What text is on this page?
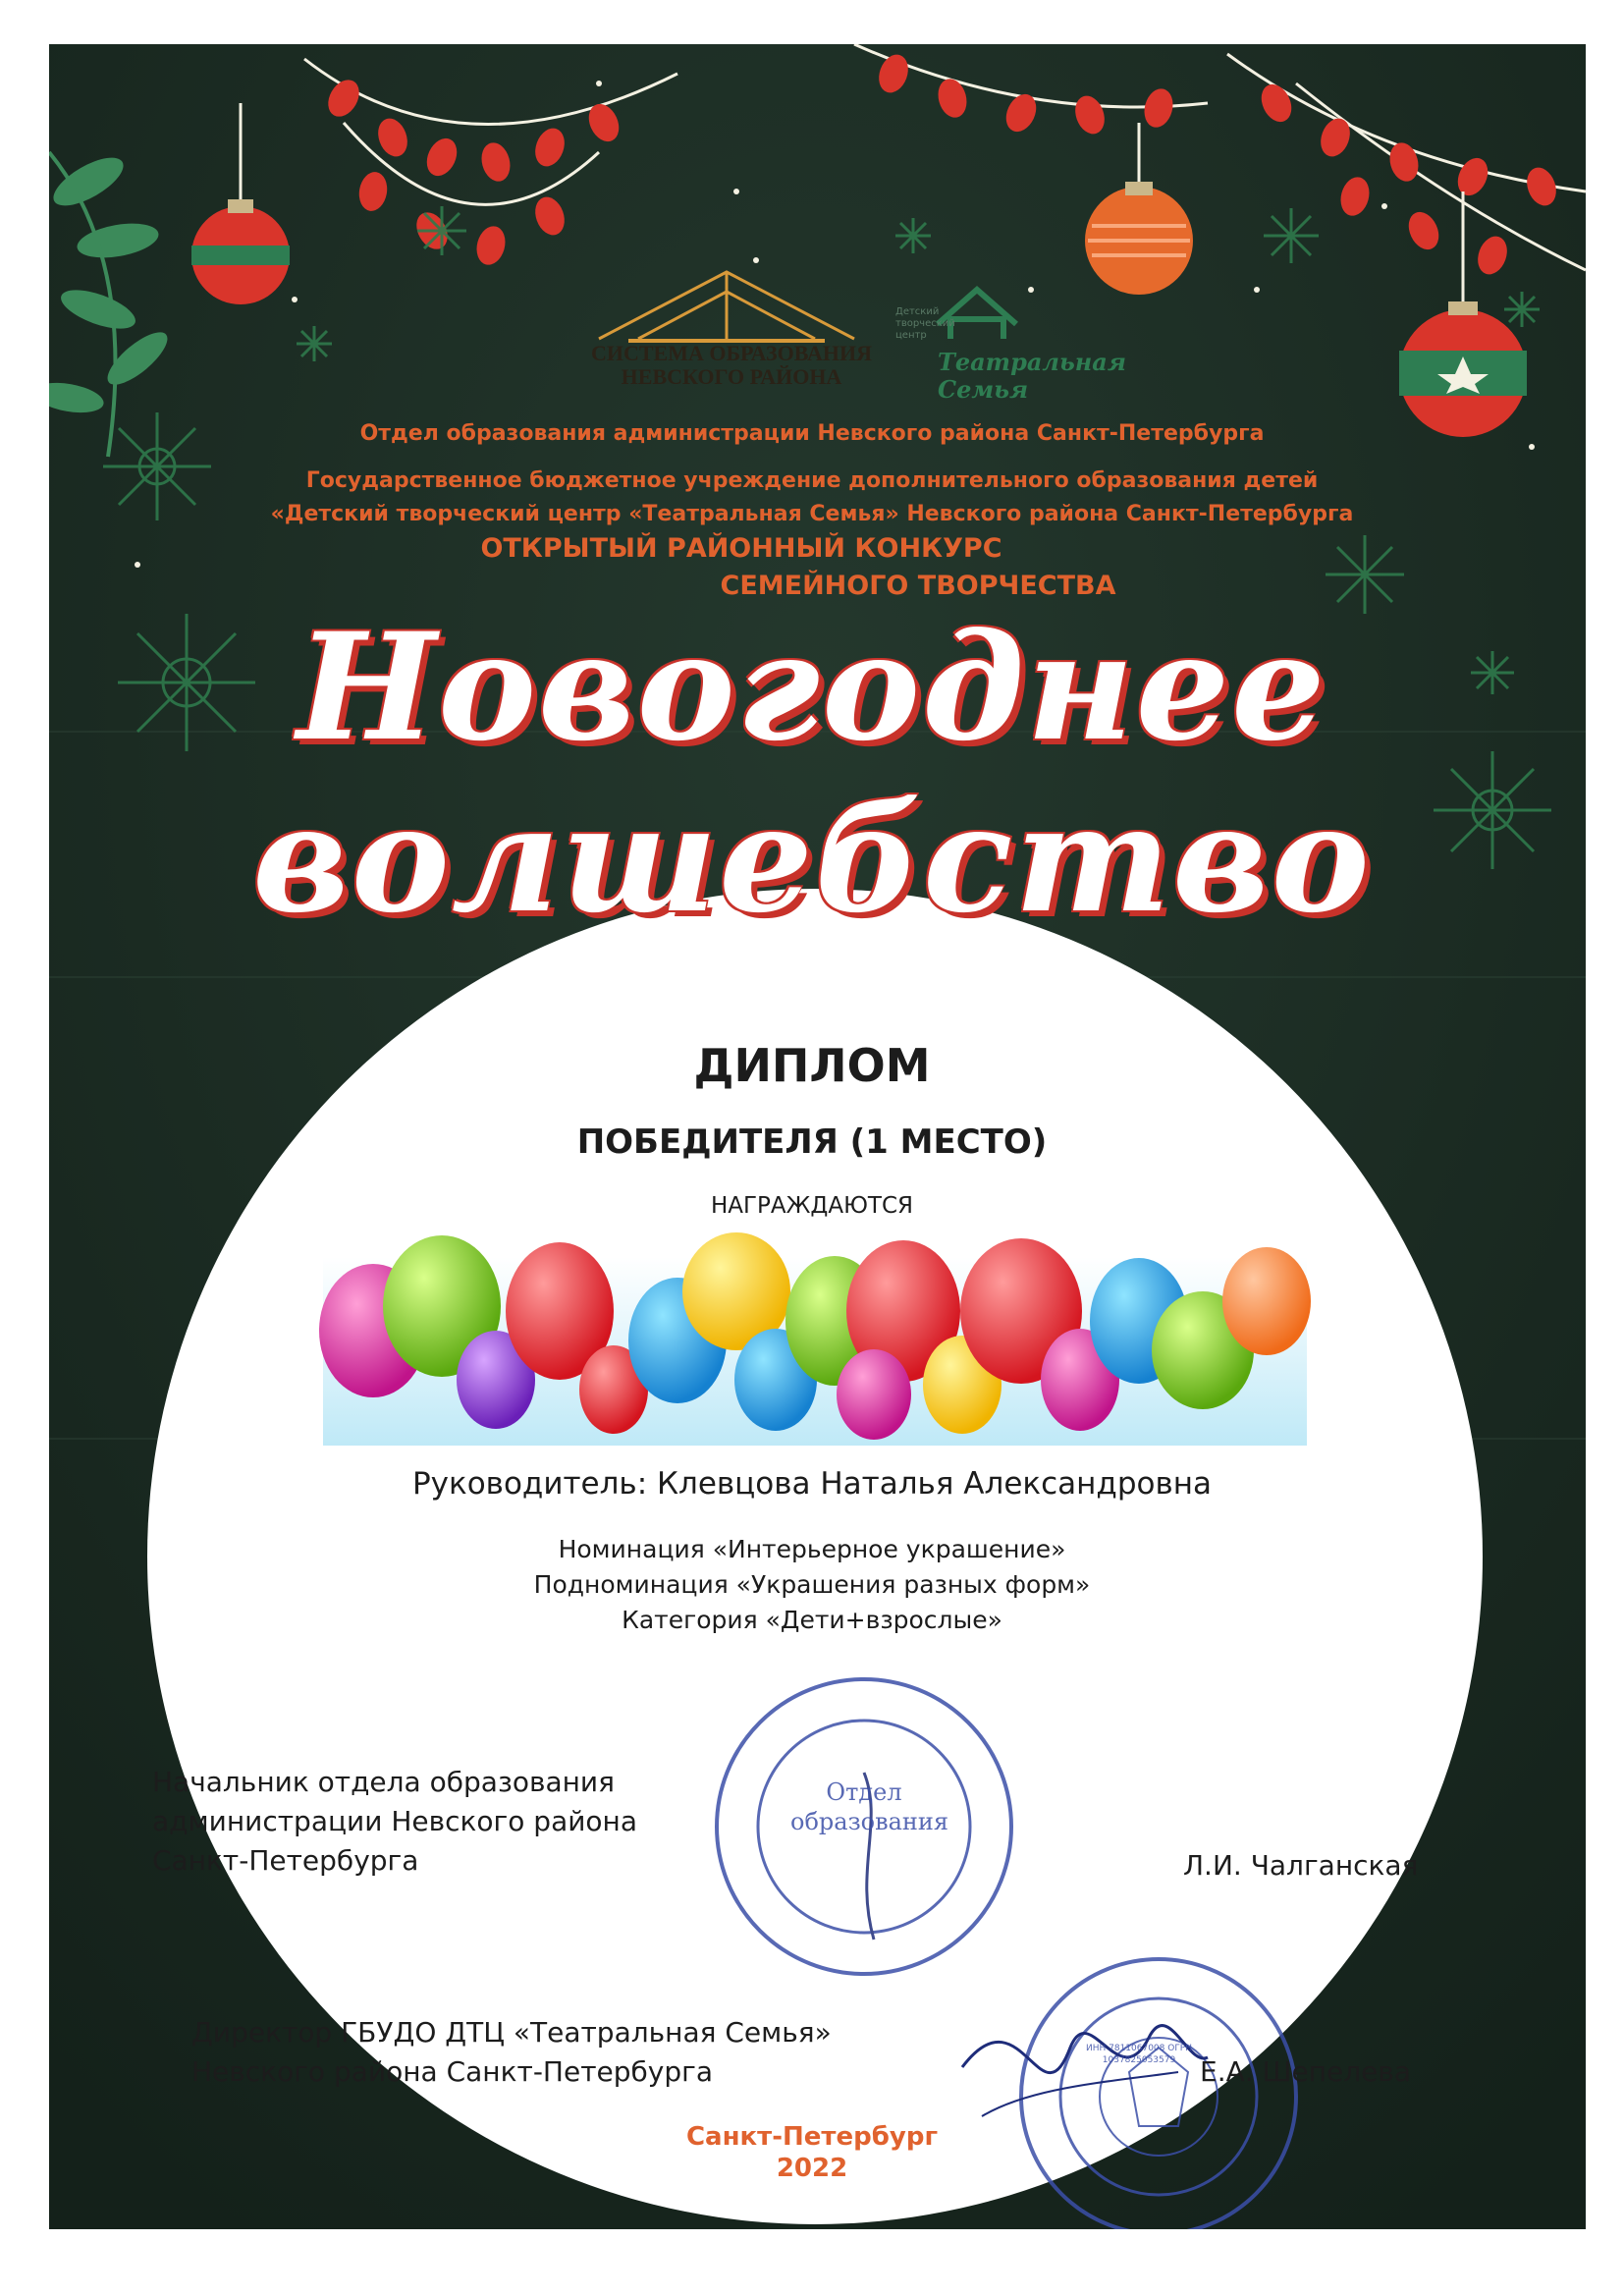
СИСТЕМА ОБРАЗОВАНИЯ
НЕВСКОГО РАЙОНА
Детский
творческий
центр
Театральная
Семья
Отдел образования администрации Невского района Санкт-Петербурга
Государственное бюджетное учреждение дополнительного образования детей
«Детский творческий центр «Театральная Семья» Невского района Санкт-Петербурга
ОТКРЫТЫЙ РАЙОННЫЙ КОНКУРС
СЕМЕЙНОГО ТВОРЧЕСТВА
Новогоднее
волшебство
ДИПЛОМ
ПОБЕДИТЕЛЯ (1 МЕСТО)
НАГРАЖДАЮТСЯ
Руководитель: Клевцова Наталья Александровна
Номинация «Интерьерное украшение»
Подноминация «Украшения разных форм»
Категория «Дети+взрослые»
Отдел
образования
ИНН 7811067008 ОГРН 1037825053579
Начальник отдела образования
администрации Невского района
Санкт-Петербурга	Л.И. Чалганская
Директор ГБУДО ДТЦ «Театральная Семья»
Невского района Санкт-Петербурга	Е.А. Шепелева
Санкт-Петербург
2022
